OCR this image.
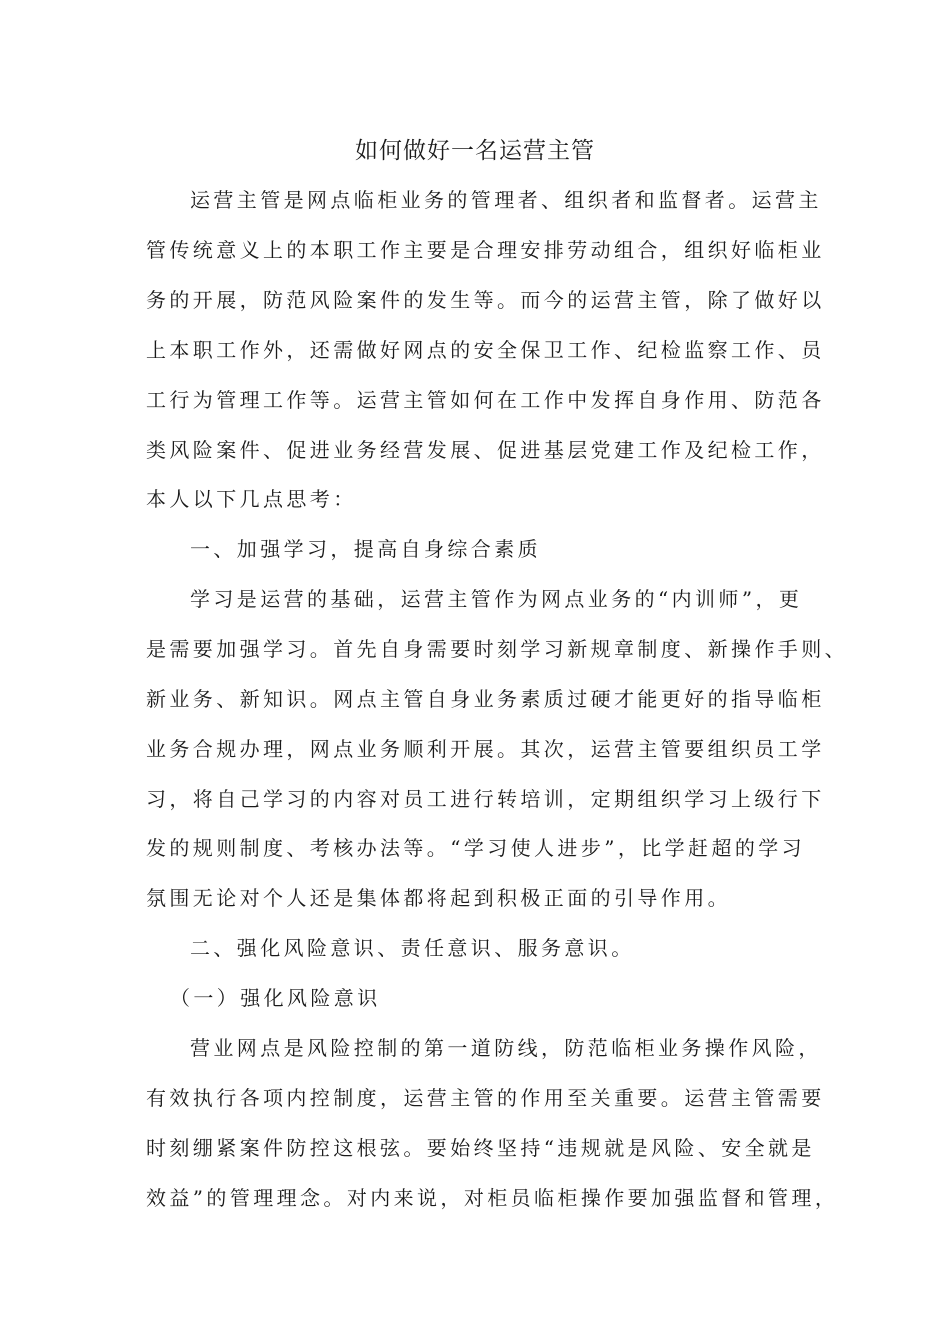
如何做好一名运营主管
运营主管是网点临柜业务的管理者、组织者和监督者。运营主
管传统意义上的本职工作主要是合理安排劳动组合，组织好临柜业
务的开展，防范风险案件的发生等。而今的运营主管，除了做好以
上本职工作外，还需做好网点的安全保卫工作、纪检监察工作、员
工行为管理工作等。运营主管如何在工作中发挥自身作用、防范各
类风险案件、促进业务经营发展、促进基层党建工作及纪检工作，
本人以下几点思考：
一、加强学习，提高自身综合素质
学习是运营的基础，运营主管作为网点业务的“内训师”，更
是需要加强学习。首先自身需要时刻学习新规章制度、新操作手则、
新业务、新知识。网点主管自身业务素质过硬才能更好的指导临柜
业务合规办理，网点业务顺利开展。其次，运营主管要组织员工学
习，将自己学习的内容对员工进行转培训，定期组织学习上级行下
发的规则制度、考核办法等。“学习使人进步”，比学赶超的学习
氛围无论对个人还是集体都将起到积极正面的引导作用。
二、强化风险意识、责任意识、服务意识。
（一）强化风险意识
营业网点是风险控制的第一道防线，防范临柜业务操作风险，
有效执行各项内控制度，运营主管的作用至关重要。运营主管需要
时刻绷紧案件防控这根弦。要始终坚持“违规就是风险、安全就是
效益”的管理理念。对内来说，对柜员临柜操作要加强监督和管理，
